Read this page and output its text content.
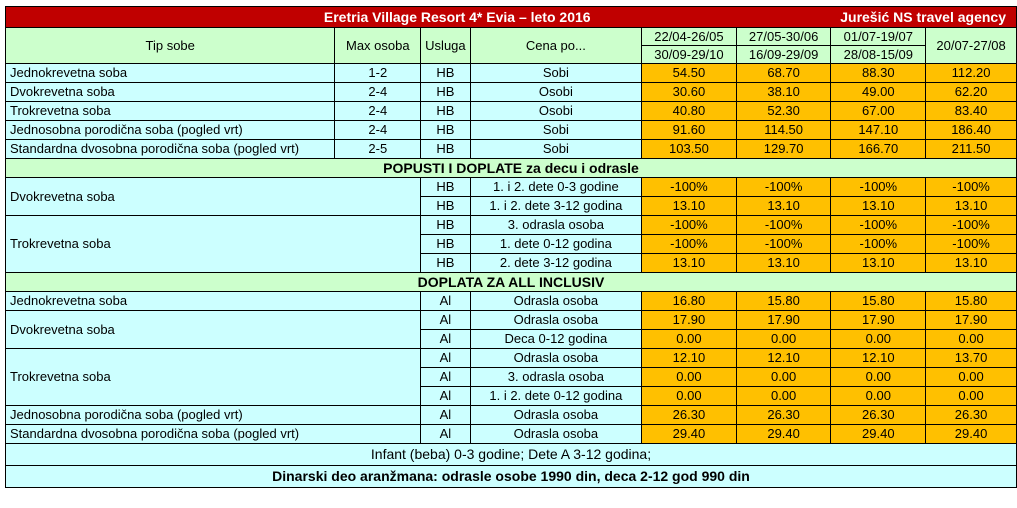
Eretria Village Resort 4* Evia – leto 2016 Jurešić NS travel agency							

Tip sobe	Max osoba	Usluga	Cena po...	22/04-26/05	27/05-30/06	01/07-19/07	20/07-27/08
				30/09-29/10	16/09-29/09	28/08-15/09	
Jednokrevetna soba	1-2	HB	Sobi	54.50	68.70	88.30	112.20
Dvokrevetna soba	2-4	HB	Osobi	30.60	38.10	49.00	62.20
Trokrevetna soba	2-4	HB	Osobi	40.80	52.30	67.00	83.40
Jednosobna porodična soba (pogled vrt)	2-4	HB	Sobi	91.60	114.50	147.10	186.40
Standardna dvosobna porodična soba (pogled vrt)	2-5	HB	Sobi	103.50	129.70	166.70	211.50
POPUSTI I DOPLATE za decu i odrasle							
Dvokrevetna soba		HB	1. i 2. dete 0-3 godine	-100%	-100%	-100%	-100%
		HB	1. i 2. dete 3-12 godina	13.10	13.10	13.10	13.10
Trokrevetna soba		HB	3. odrasla osoba	-100%	-100%	-100%	-100%
		HB	1. dete 0-12 godina	-100%	-100%	-100%	-100%
		HB	2. dete 3-12 godina	13.10	13.10	13.10	13.10
DOPLATA ZA ALL INCLUSIV							
Jednokrevetna soba		Al	Odrasla osoba	16.80	15.80	15.80	15.80
Dvokrevetna soba		Al	Odrasla osoba	17.90	17.90	17.90	17.90
		Al	Deca 0-12 godina	0.00	0.00	0.00	0.00
Trokrevetna soba		Al	Odrasla osoba	12.10	12.10	12.10	13.70
		Al	3. odrasla osoba	0.00	0.00	0.00	0.00
		Al	1. i 2. dete 0-12 godina	0.00	0.00	0.00	0.00
Jednosobna porodična soba (pogled vrt)		Al	Odrasla osoba	26.30	26.30	26.30	26.30
Standardna dvosobna porodična soba (pogled vrt)		Al	Odrasla osoba	29.40	29.40	29.40	29.40
Infant (beba) 0-3 godine; Dete A 3-12 godina;							
Dinarski deo aranžmana: odrasle osobe 1990 din, deca 2-12 god 990 din							
